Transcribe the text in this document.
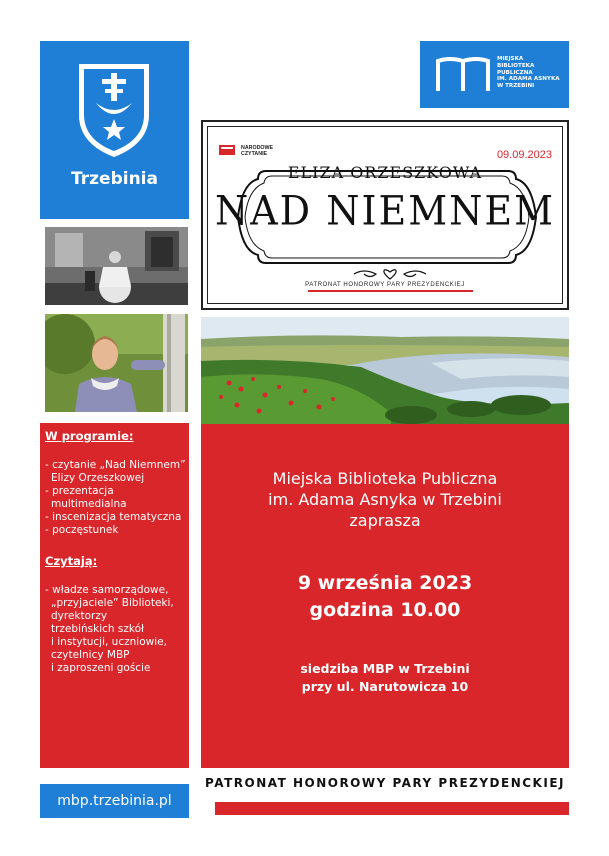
Trzebinia
W programie:
- czytanie „Nad Niemnem”
Elizy Orzeszkowej
- prezentacja
multimedialna
- inscenizacja tematyczna
- poczęstunek
Czytają:
- władze samorządowe,
„przyjaciele” Biblioteki,
dyrektorzy
trzebińskich szkół
i instytucji, uczniowie,
czytelnicy MBP
i zaproszeni goście
mbp.trzebinia.pl
MIEJSKA
BIBLIOTEKA
PUBLICZNA
IM. ADAMA ASNYKA
W TRZEBINI
NARODOWE
CZYTANIE	09.09.2023
ELIZA ORZESZKOWA
NAD NIEMNEM
PATRONAT HONOROWY PARY PREZYDENCKIEJ
Miejska Biblioteka Publiczna
im. Adama Asnyka w Trzebini
zaprasza
9 września 2023
godzina 10.00
siedziba MBP w Trzebini
przy ul. Narutowicza 10
PATRONAT HONOROWY PARY PREZYDENCKIEJ
